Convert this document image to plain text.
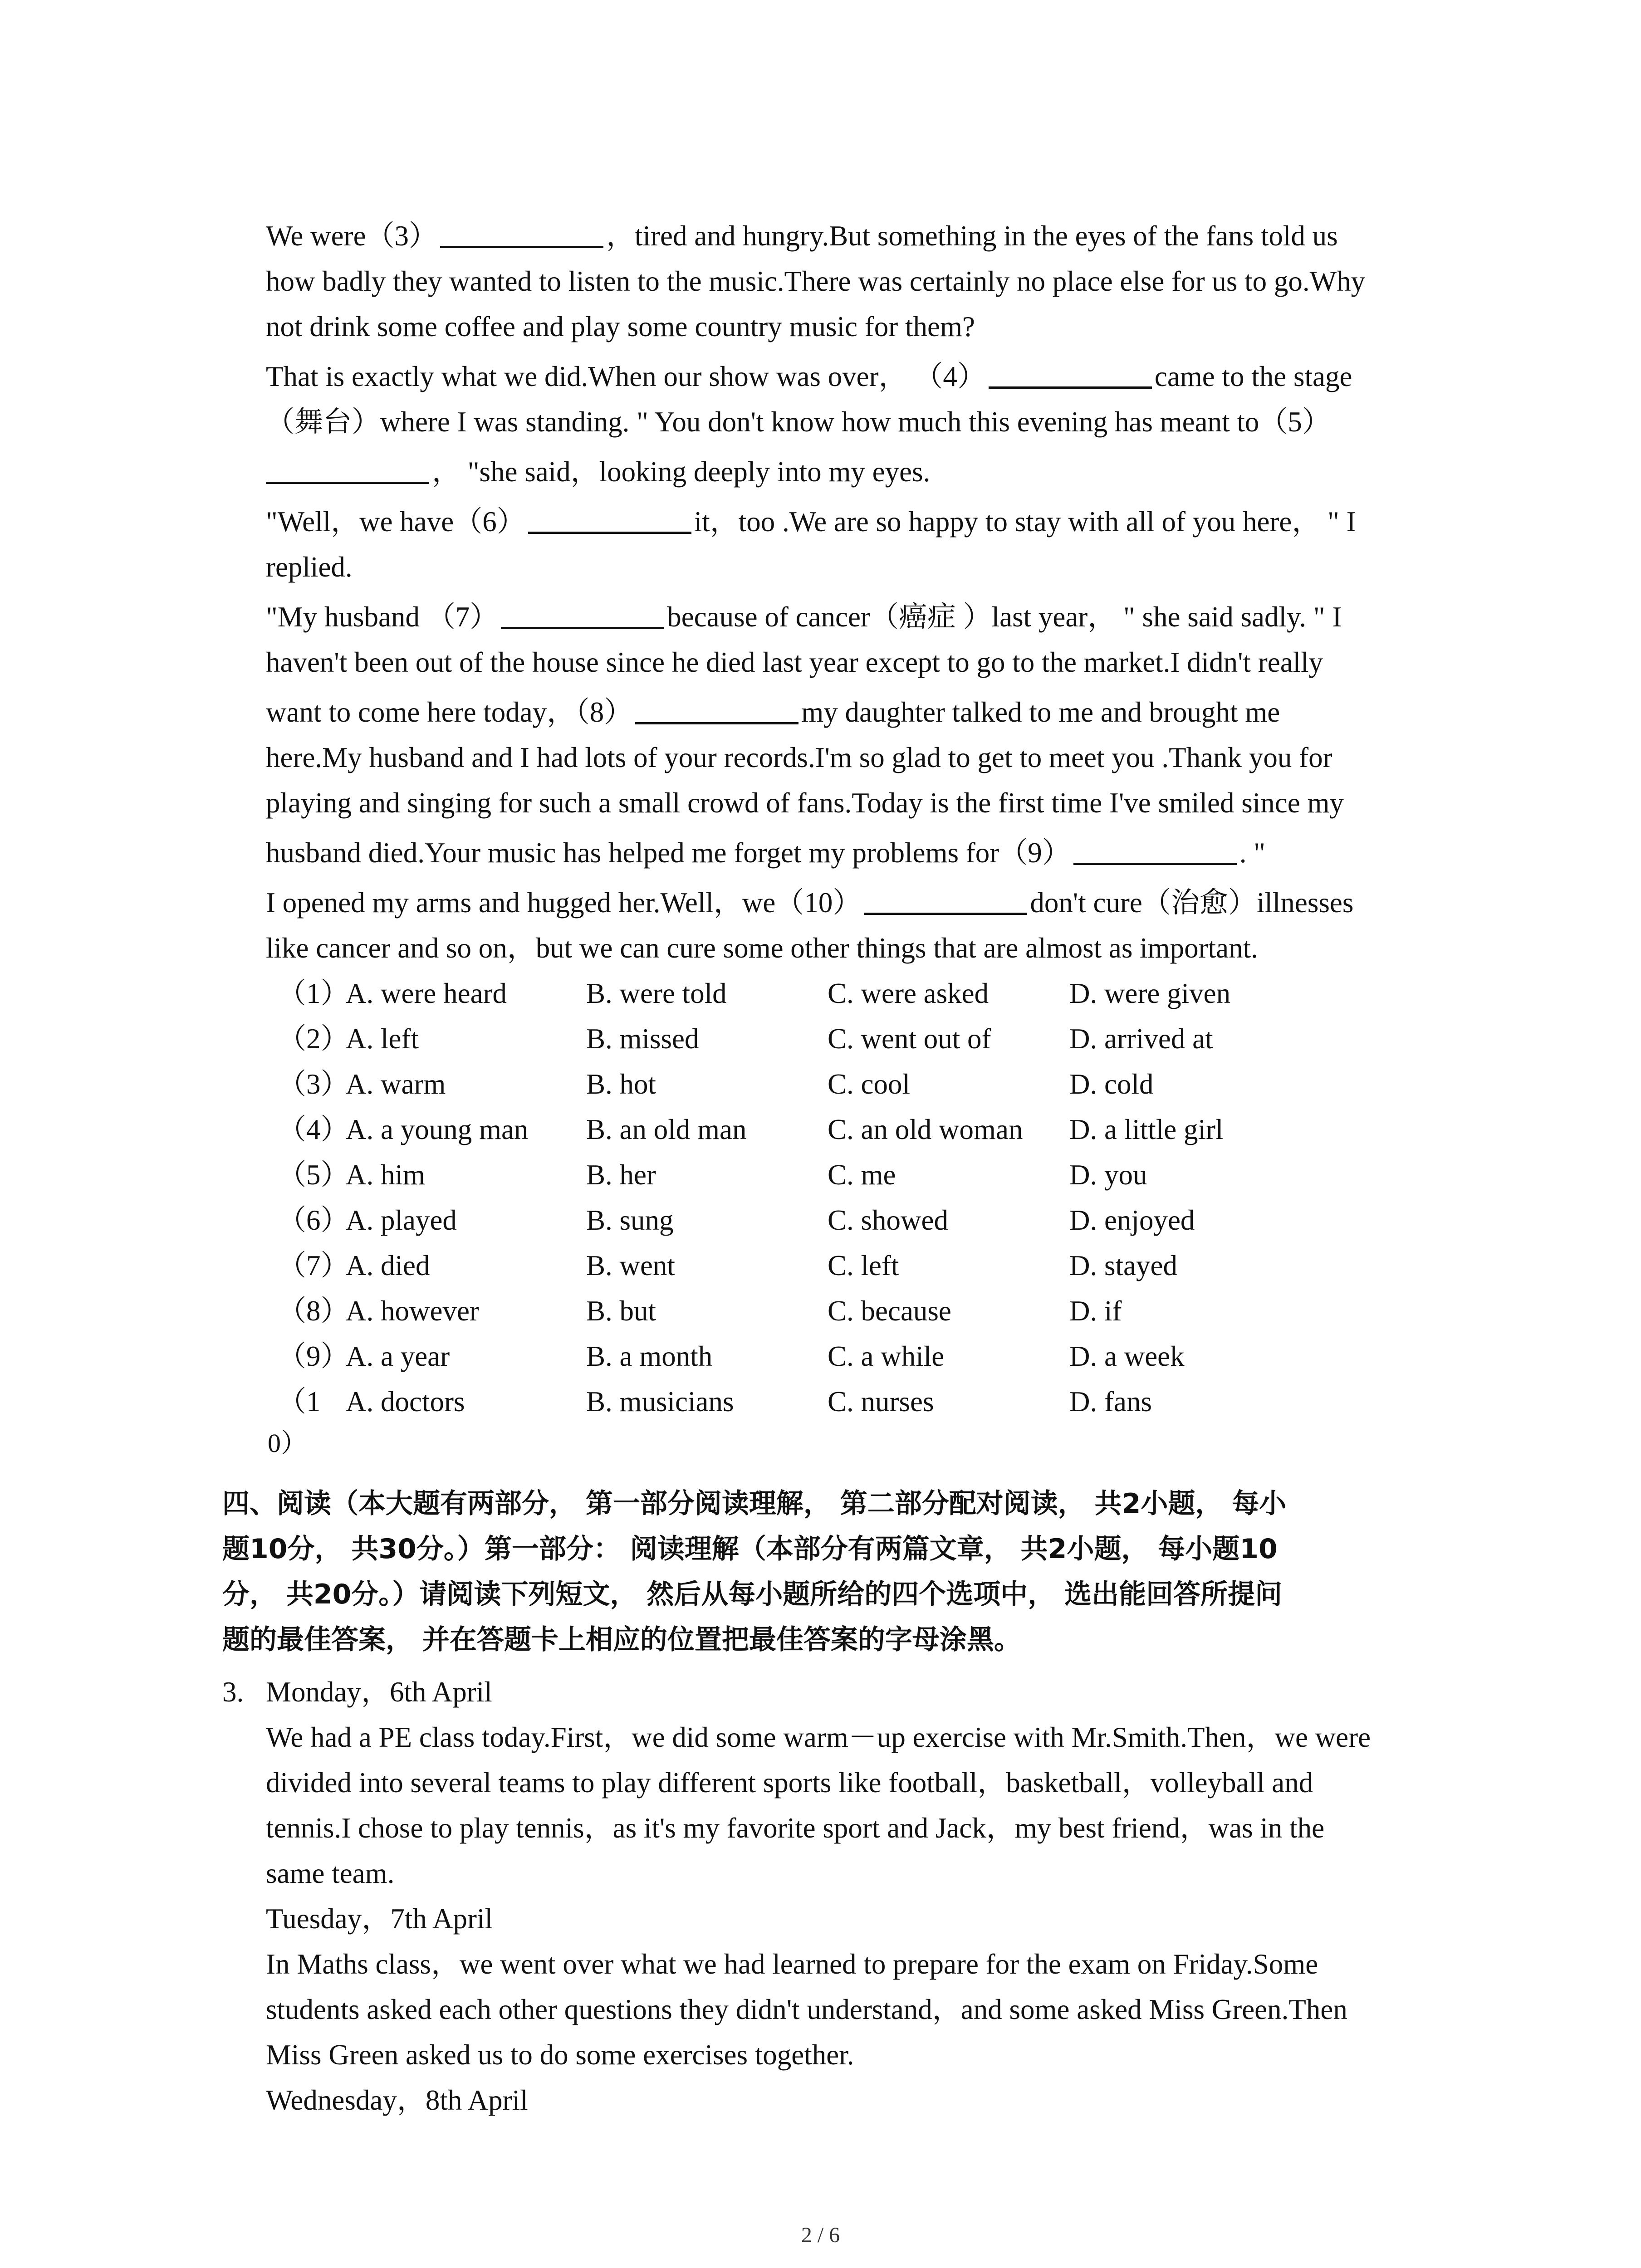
We were（3）	，tired and hungry.But something in the eyes of the fans told us
how badly they wanted to listen to the music.There was certainly no place else for us to go.Why
not drink some coffee and play some country music for them?
That is exactly what we did.When our show was over， （4）	came to the stage
（舞台）where I was standing. " You don't know how much this evening has meant to（5）
， "she said，looking deeply into my eyes.
"Well，we have（6）	it，too .We are so happy to stay with all of you here， " I
replied.
"My husband （7）	because of cancer（癌症 ）last year， " she said sadly. " I
haven't been out of the house since he died last year except to go to the market.I didn't really
want to come here today，（8）	my daughter talked to me and brought me
here.My husband and I had lots of your records.I'm so glad to get to meet you .Thank you for
playing and singing for such a small crowd of fans.Today is the first time I've smiled since my
husband died.Your music has helped me forget my problems for（9）	. "
I opened my arms and hugged her.Well，we（10）	don't cure（治愈）illnesses
like cancer and so on，but we can cure some other things that are almost as important.
（1）
A. were heard	B. were told	C. were asked	D. were given
（2）
A. left	B. missed	C. went out of	D. arrived at
（3）
A. warm	B. hot	C. cool	D. cold
（4）
A. a young man B. an old man	C. an old woman D. a little girl
（5）
A. him	B. her	C. me	D. you
（6）
A. played	B. sung	C. showed	D. enjoyed
（7）
A. died	B. went	C. left	D. stayed
（8）
A. however	B. but	C. because	D. if
（9）
A. a year	B. a month	C. a while	D. a week
（1 A. doctors	B. musicians	C. nurses	D. fans
0）
四、阅读（本大题有两部分， 第一部分阅读理解， 第二部分配对阅读， 共2小题， 每小
题10分， 共30分。）第一部分： 阅读理解（本部分有两篇文章， 共2小题， 每小题10
分， 共20分。）请阅读下列短文， 然后从每小题所给的四个选项中， 选出能回答所提问
题的最佳答案， 并在答题卡上相应的位置把最佳答案的字母涂黑。
3. Monday，6th April
We had a PE class today.First，we did some warm－up exercise with Mr.Smith.Then，we were
divided into several teams to play different sports like football，basketball，volleyball and
tennis.I chose to play tennis，as it's my favorite sport and Jack，my best friend，was in the
same team.
Tuesday，7th April
In Maths class，we went over what we had learned to prepare for the exam on Friday.Some
students asked each other questions they didn't understand，and some asked Miss Green.Then
Miss Green asked us to do some exercises together.
Wednesday，8th April
2 / 6
